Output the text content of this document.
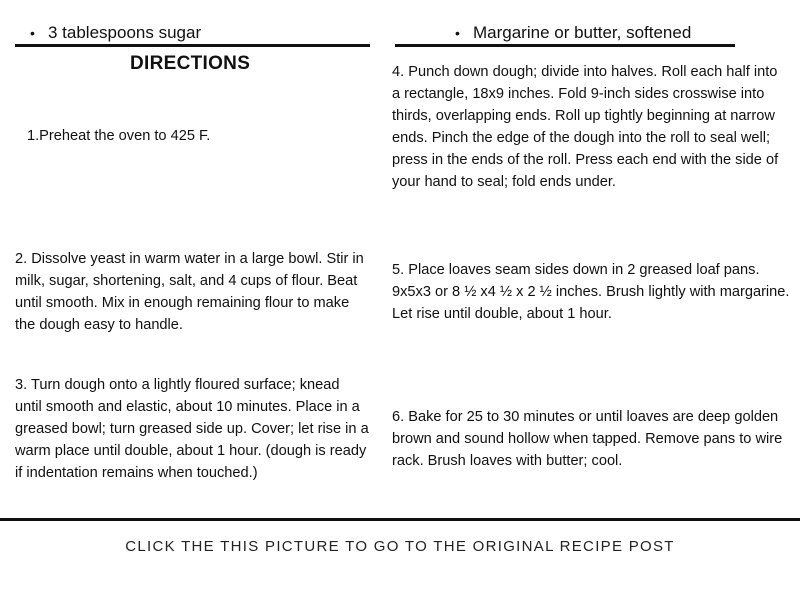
• 3 tablespoons sugar	• Margarine or butter, softened
DIRECTIONS
1.Preheat the oven to 425 F.
2. Dissolve yeast in warm water in a large bowl. Stir in milk, sugar, shortening, salt, and 4 cups of flour. Beat until smooth. Mix in enough remaining flour to make the dough easy to handle.
3. Turn dough onto a lightly floured surface; knead until smooth and elastic, about 10 minutes. Place in a greased bowl; turn greased side up. Cover; let rise in a warm place until double, about 1 hour. (dough is ready if indentation remains when touched.)
4. Punch down dough; divide into halves. Roll each half into a rectangle, 18x9 inches. Fold 9-inch sides crosswise into thirds, overlapping ends. Roll up tightly beginning at narrow ends. Pinch the edge of the dough into the roll to seal well; press in the ends of the roll. Press each end with the side of your hand to seal; fold ends under.
5. Place loaves seam sides down in 2 greased loaf pans. 9x5x3 or 8 ½ x4 ½ x 2 ½ inches. Brush lightly with margarine. Let rise until double, about 1 hour.
6. Bake for 25 to 30 minutes or until loaves are deep golden brown and sound hollow when tapped. Remove pans to wire rack. Brush loaves with butter; cool.
CLICK THE THIS PICTURE TO GO TO THE ORIGINAL RECIPE POST
